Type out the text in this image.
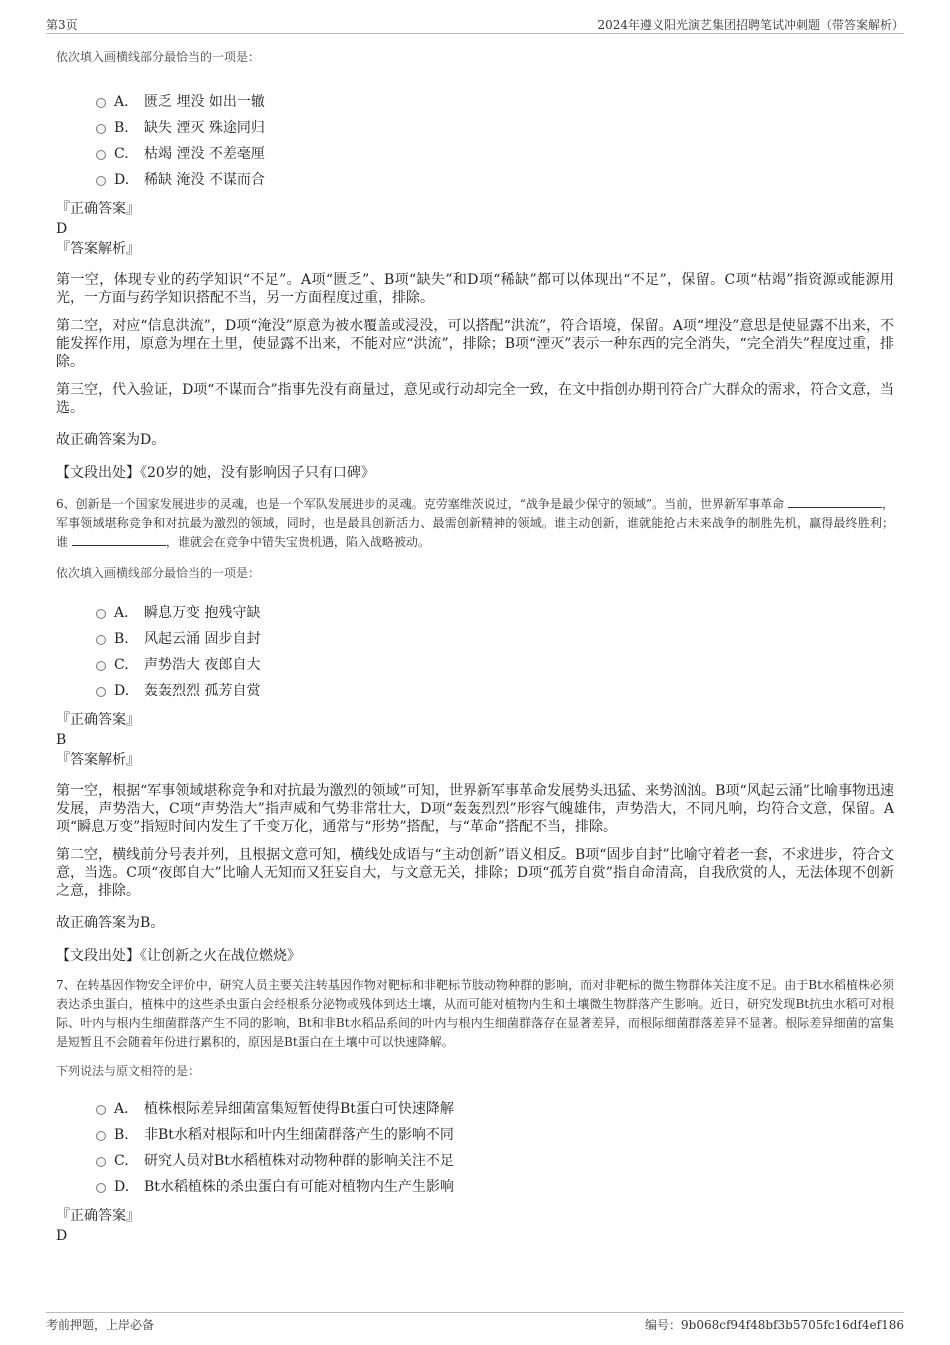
第3页	2024年遵义阳光演艺集团招聘笔试冲刺题（带答案解析）
依次填入画横线部分最恰当的一项是：
A． 匮乏 埋没 如出一辙
B. 缺失 湮灭 殊途同归
C. 枯竭 湮没 不差毫厘
D. 稀缺 淹没 不谋而合
『正确答案』
D
『答案解析』
第一空，体现专业的药学知识“不足”。A项“匮乏”、B项“缺失”和D项“稀缺”都可以体现出“不足”，保留。C项“枯竭”指资源或能源用光，一方面与药学知识搭配不当，另一方面程度过重，排除。
第二空，对应“信息洪流”，D项“淹没”原意为被水覆盖或浸没，可以搭配“洪流”，符合语境，保留。A项“埋没”意思是使显露不出来，不能发挥作用，原意为埋在土里，使显露不出来，不能对应“洪流”，排除；B项“湮灭”表示一种东西的完全消失，“完全消失”程度过重，排除。
第三空，代入验证，D项“不谋而合”指事先没有商量过，意见或行动却完全一致，在文中指创办期刊符合广大群众的需求，符合文意，当选。
故正确答案为D。
【文段出处】《20岁的她，没有影响因子只有口碑》
6、创新是一个国家发展进步的灵魂，也是一个军队发展进步的灵魂。克劳塞维茨说过，“战争是最少保守的领域”。当前，世界新军事革命	，军事领域堪称竞争和对抗最为激烈的领域，同时，也是最具创新活力、最需创新精神的领域。谁主动创新，谁就能抢占未来战争的制胜先机，赢得最终胜利；谁	，谁就会在竞争中错失宝贵机遇，陷入战略被动。
依次填入画横线部分最恰当的一项是：
A． 瞬息万变 抱残守缺
B. 风起云涌 固步自封
C. 声势浩大 夜郎自大
D. 轰轰烈烈 孤芳自赏
『正确答案』
B
『答案解析』
第一空，根据“军事领域堪称竞争和对抗最为激烈的领域”可知，世界新军事革命发展势头迅猛、来势汹汹。B项“风起云涌”比喻事物迅速发展，声势浩大，C项“声势浩大”指声威和气势非常壮大，D项“轰轰烈烈”形容气魄雄伟，声势浩大，不同凡响，均符合文意，保留。A项“瞬息万变”指短时间内发生了千变万化，通常与“形势”搭配，与“革命”搭配不当，排除。
第二空，横线前分号表并列，且根据文意可知，横线处成语与“主动创新”语义相反。B项“固步自封”比喻守着老一套，不求进步，符合文意，当选。C项“夜郎自大”比喻人无知而又狂妄自大，与文意无关，排除；D项“孤芳自赏”指自命清高，自我欣赏的人，无法体现不创新之意，排除。
故正确答案为B。
【文段出处】《让创新之火在战位燃烧》
7、在转基因作物安全评价中，研究人员主要关注转基因作物对靶标和非靶标节肢动物种群的影响，而对非靶标的微生物群体关注度不足。由于Bt水稻植株必须表达杀虫蛋白，植株中的这些杀虫蛋白会经根系分泌物或残体到达土壤，从而可能对植物内生和土壤微生物群落产生影响。近日，研究发现Bt抗虫水稻可对根际、叶内与根内生细菌群落产生不同的影响，Bt和非Bt水稻品系间的叶内与根内生细菌群落存在显著差异，而根际细菌群落差异不显著。根际差异细菌的富集是短暂且不会随着年份进行累积的，原因是Bt蛋白在土壤中可以快速降解。
下列说法与原文相符的是：
A． 植株根际差异细菌富集短暂使得Bt蛋白可快速降解
B. 非Bt水稻对根际和叶内生细菌群落产生的影响不同
C. 研究人员对Bt水稻植株对动物种群的影响关注不足
D. Bt水稻植株的杀虫蛋白有可能对植物内生产生影响
『正确答案』
D
考前押题，上岸必备	编号：9b068cf94f48bf3b5705fc16df4ef186
